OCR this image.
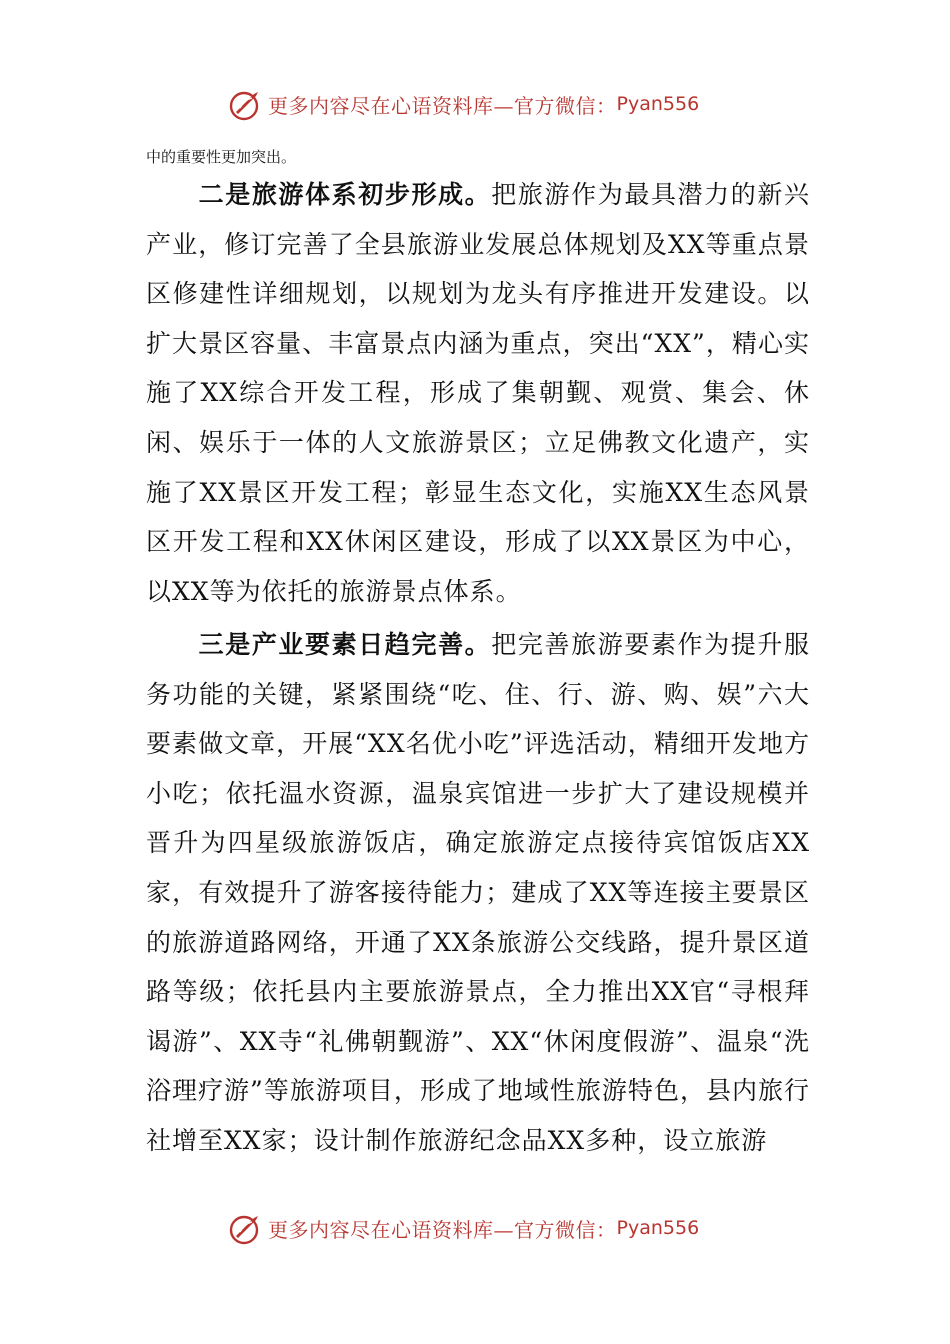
更多内容尽在心语资料库—官方微信： Pyan556
中的重要性更加突出。

二是旅游体系初步形成。把旅游作为最具潜力的新兴产业，修订完善了全县旅游业发展总体规划及XX等重点景区修建性详细规划，以规划为龙头有序推进开发建设。以扩大景区容量、丰富景点内涵为重点，突出“XX”，精心实施了XX综合开发工程，形成了集朝觐、观赏、集会、休闲、娱乐于一体的人文旅游景区；立足佛教文化遗产，实施了XX景区开发工程；彰显生态文化，实施XX生态风景区开发工程和XX休闲区建设，形成了以XX景区为中心，以XX等为依托的旅游景点体系。

三是产业要素日趋完善。把完善旅游要素作为提升服务功能的关键，紧紧围绕“吃、住、行、游、购、娱”六大要素做文章，开展“XX名优小吃”评选活动，精细开发地方小吃；依托温水资源，温泉宾馆进一步扩大了建设规模并晋升为四星级旅游饭店，确定旅游定点接待宾馆饭店XX家，有效提升了游客接待能力；建成了XX等连接主要景区的旅游道路网络，开通了XX条旅游公交线路，提升景区道路等级；依托县内主要旅游景点，全力推出XX官“寻根拜谒游”、XX寺“礼佛朝觐游”、XX“休闲度假游”、温泉“洗浴理疗游”等旅游项目，形成了地域性旅游特色，县内旅行社增至XX家；设计制作旅游纪念品XX多种，设立旅游

更多内容尽在心语资料库—官方微信： Pyan556
